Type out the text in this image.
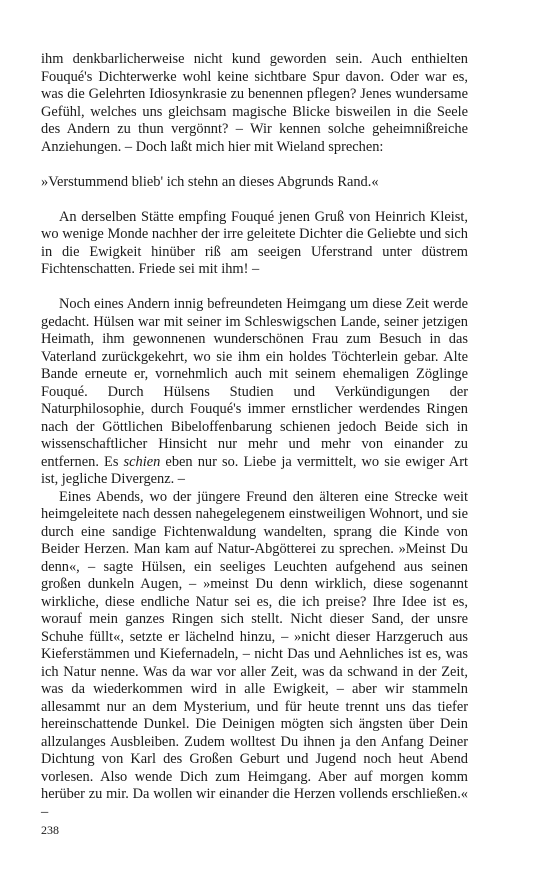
ihm denkbarlicherweise nicht kund geworden sein. Auch enthielten Fouqué's Dichterwerke wohl keine sichtbare Spur davon. Oder war es, was die Gelehrten Idiosynkrasie zu benennen pflegen? Jenes wundersame Gefühl, welches uns gleichsam magische Blicke bisweilen in die Seele des Andern zu thun vergönnt? – Wir kennen solche geheimnißreiche Anziehungen. – Doch laßt mich hier mit Wieland sprechen:

»Verstummend blieb' ich stehn an dieses Abgrunds Rand.«

An derselben Stätte empfing Fouqué jenen Gruß von Heinrich Kleist, wo wenige Monde nachher der irre geleitete Dichter die Geliebte und sich in die Ewigkeit hinüber riß am seeigen Uferstrand unter düstrem Fichtenschatten. Friede sei mit ihm! –

Noch eines Andern innig befreundeten Heimgang um diese Zeit werde gedacht. Hülsen war mit seiner im Schleswigschen Lande, seiner jetzigen Heimath, ihm gewonnenen wunderschönen Frau zum Besuch in das Vaterland zurückgekehrt, wo sie ihm ein holdes Töchterlein gebar. Alte Bande erneute er, vornehmlich auch mit seinem ehemaligen Zöglinge Fouqué. Durch Hülsens Studien und Verkündigungen der Naturphilosophie, durch Fouqué's immer ernstlicher werdendes Ringen nach der Göttlichen Bibeloffenbarung schienen jedoch Beide sich in wissenschaftlicher Hinsicht nur mehr und mehr von einander zu entfernen. Es schien eben nur so. Liebe ja vermittelt, wo sie ewiger Art ist, jegliche Divergenz. –

Eines Abends, wo der jüngere Freund den älteren eine Strecke weit heimgeleitete nach dessen nahegelegenem einstweiligen Wohnort, und sie durch eine sandige Fichtenwaldung wandelten, sprang die Kinde von Beider Herzen. Man kam auf Natur-Abgötterei zu sprechen. »Meinst Du denn«, – sagte Hülsen, ein seeliges Leuchten aufgehend aus seinen großen dunkeln Augen, – »meinst Du denn wirklich, diese sogenannt wirkliche, diese endliche Natur sei es, die ich preise? Ihre Idee ist es, worauf mein ganzes Ringen sich stellt. Nicht dieser Sand, der unsre Schuhe füllt«, setzte er lächelnd hinzu, – »nicht dieser Harzgeruch aus Kieferstämmen und Kiefernadeln, – nicht Das und Aehnliches ist es, was ich Natur nenne. Was da war vor aller Zeit, was da schwand in der Zeit, was da wiederkommen wird in alle Ewigkeit, – aber wir stammeln allesammt nur an dem Mysterium, und für heute trennt uns das tiefer hereinschattende Dunkel. Die Deinigen mögten sich ängsten über Dein allzulanges Ausbleiben. Zudem wolltest Du ihnen ja den Anfang Deiner Dichtung von Karl des Großen Geburt und Jugend noch heut Abend vorlesen. Also wende Dich zum Heimgang. Aber auf morgen komm herüber zu mir. Da wollen wir einander die Herzen vollends erschließen.« –

238
